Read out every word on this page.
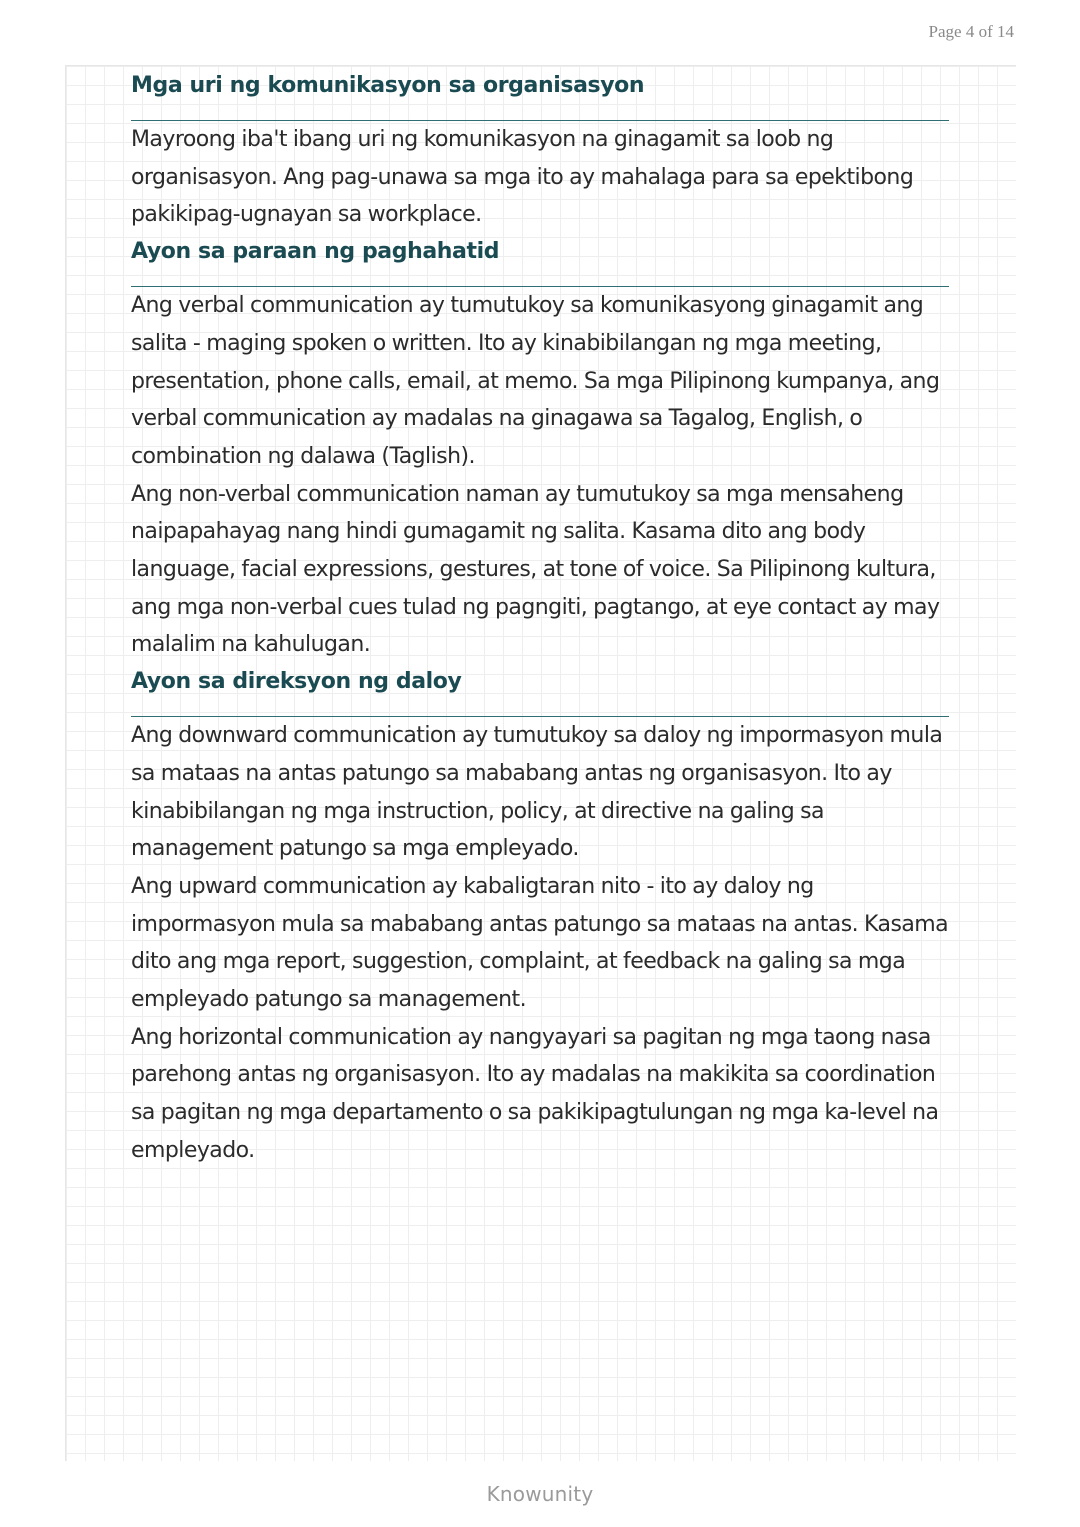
Page 4 of 14
Mga uri ng komunikasyon sa organisasyon

Mayroong iba't ibang uri ng komunikasyon na ginagamit sa loob ng organisasyon. Ang pag-unawa sa mga ito ay mahalaga para sa epektibong pakikipag-ugnayan sa workplace.

Ayon sa paraan ng paghahatid

Ang verbal communication ay tumutukoy sa komunikasyong ginagamit ang salita - maging spoken o written. Ito ay kinabibilangan ng mga meeting, presentation, phone calls, email, at memo. Sa mga Pilipinong kumpanya, ang verbal communication ay madalas na ginagawa sa Tagalog, English, o combination ng dalawa (Taglish).

Ang non-verbal communication naman ay tumutukoy sa mga mensaheng naipapahayag nang hindi gumagamit ng salita. Kasama dito ang body language, facial expressions, gestures, at tone of voice. Sa Pilipinong kultura, ang mga non-verbal cues tulad ng pagngiti, pagtango, at eye contact ay may malalim na kahulugan.

Ayon sa direksyon ng daloy

Ang downward communication ay tumutukoy sa daloy ng impormasyon mula sa mataas na antas patungo sa mababang antas ng organisasyon. Ito ay kinabibilangan ng mga instruction, policy, at directive na galing sa management patungo sa mga empleyado.

Ang upward communication ay kabaligtaran nito - ito ay daloy ng impormasyon mula sa mababang antas patungo sa mataas na antas. Kasama dito ang mga report, suggestion, complaint, at feedback na galing sa mga empleyado patungo sa management.

Ang horizontal communication ay nangyayari sa pagitan ng mga taong nasa parehong antas ng organisasyon. Ito ay madalas na makikita sa coordination sa pagitan ng mga departamento o sa pakikipagtulungan ng mga ka-level na empleyado.

Knowunity
